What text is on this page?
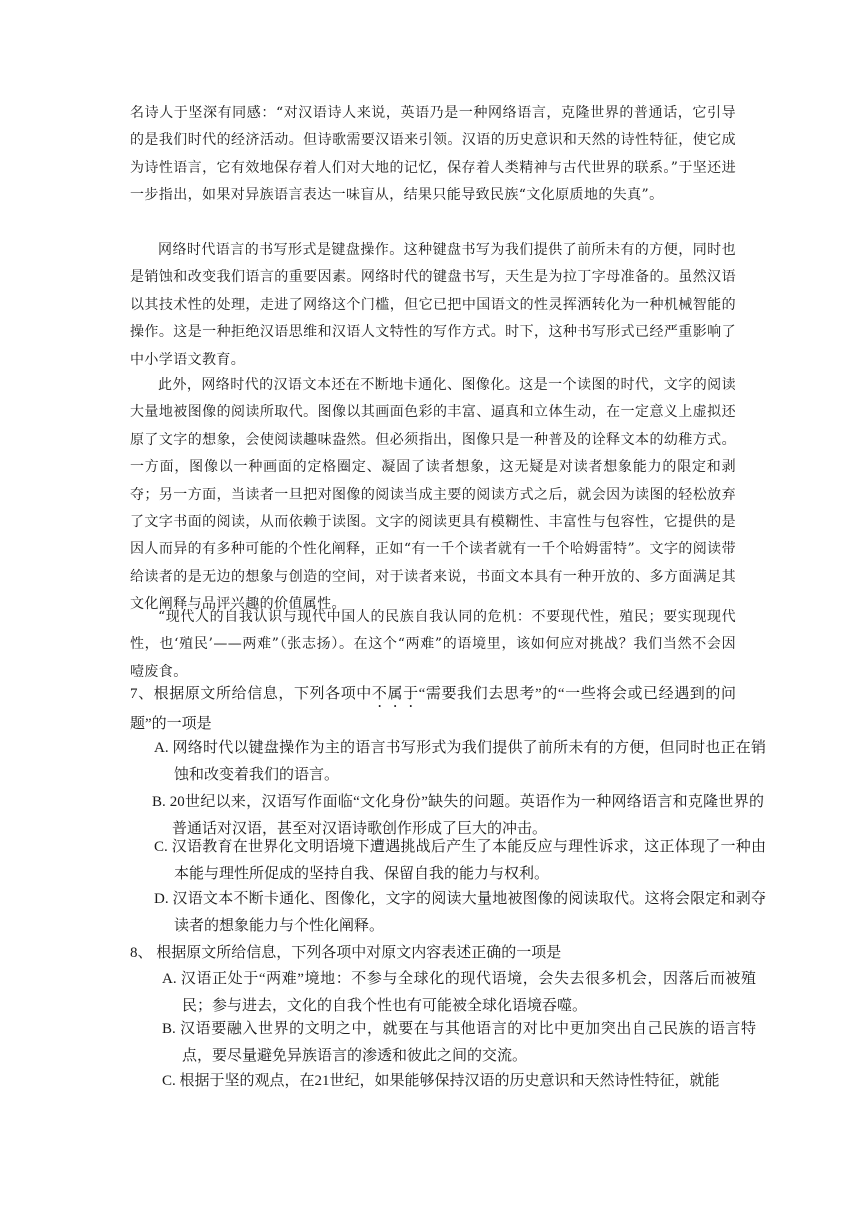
名诗人于坚深有同感：“对汉语诗人来说，英语乃是一种网络语言，克隆世界的普通话，它引导的是我们时代的经济活动。但诗歌需要汉语来引领。汉语的历史意识和天然的诗性特征，使它成为诗性语言，它有效地保存着人们对大地的记忆，保存着人类精神与古代世界的联系。”于坚还进一步指出，如果对异族语言表达一味盲从，结果只能导致民族“文化原质地的失真”。

网络时代语言的书写形式是键盘操作。这种键盘书写为我们提供了前所未有的方便，同时也是销蚀和改变我们语言的重要因素。网络时代的键盘书写，天生是为拉丁字母准备的。虽然汉语以其技术性的处理，走进了网络这个门槛，但它已把中国语文的性灵挥洒转化为一种机械智能的操作。这是一种拒绝汉语思维和汉语人文特性的写作方式。时下，这种书写形式已经严重影响了中小学语文教育。

此外，网络时代的汉语文本还在不断地卡通化、图像化。这是一个读图的时代，文字的阅读大量地被图像的阅读所取代。图像以其画面色彩的丰富、逼真和立体生动，在一定意义上虚拟还原了文字的想象，会使阅读趣味盎然。但必须指出，图像只是一种普及的诠释文本的幼稚方式。一方面，图像以一种画面的定格圈定、凝固了读者想象，这无疑是对读者想象能力的限定和剥夺；另一方面，当读者一旦把对图像的阅读当成主要的阅读方式之后，就会因为读图的轻松放弃了文字书面的阅读，从而依赖于读图。文字的阅读更具有模糊性、丰富性与包容性，它提供的是因人而异的有多种可能的个性化阐释，正如“有一千个读者就有一千个哈姆雷特”。文字的阅读带给读者的是无边的想象与创造的空间，对于读者来说，书面文本具有一种开放的、多方面满足其文化阐释与品评兴趣的价值属性。

“现代人的自我认识与现代中国人的民族自我认同的危机：不要现代性，殖民；要实现现代性，也‘殖民’——两难”（张志扬）。在这个“两难”的语境里，该如何应对挑战？我们当然不会因噎废食。

7、根据原文所给信息，下列各项中不属于“需要我们去思考”的“一些将会或已经遇到的问题”的一项是

A. 网络时代以键盘操作为主的语言书写形式为我们提供了前所未有的方便，但同时也正在销蚀和改变着我们的语言。

B. 20世纪以来，汉语写作面临“文化身份”缺失的问题。英语作为一种网络语言和克隆世界的普通话对汉语，甚至对汉语诗歌创作形成了巨大的冲击。

C. 汉语教育在世界化文明语境下遭遇挑战后产生了本能反应与理性诉求，这正体现了一种由本能与理性所促成的坚持自我、保留自我的能力与权利。

D. 汉语文本不断卡通化、图像化，文字的阅读大量地被图像的阅读取代。这将会限定和剥夺读者的想象能力与个性化阐释。

8、 根据原文所给信息，下列各项中对原文内容表述正确的一项是

A. 汉语正处于“两难”境地：不参与全球化的现代语境，会失去很多机会，因落后而被殖民；参与进去，文化的自我个性也有可能被全球化语境吞噬。

B. 汉语要融入世界的文明之中，就要在与其他语言的对比中更加突出自己民族的语言特点，要尽量避免异族语言的渗透和彼此之间的交流。

C. 根据于坚的观点，在21世纪，如果能够保持汉语的历史意识和天然诗性特征，就能
